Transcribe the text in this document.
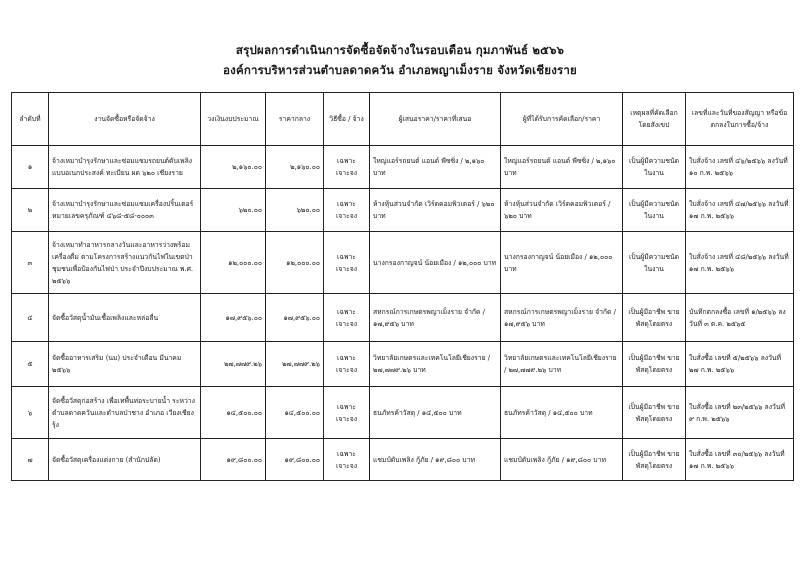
สรุปผลการดำเนินการจัดซื้อจัดจ้างในรอบเดือน กุมภาพันธ์ ๒๕๖๖
องค์การบริหารส่วนตำบลดาดควัน อำเภอพญาเม็งราย จังหวัดเชียงราย
ลำดับที่	งานจัดซื้อหรือจัดจ้าง	วงเงินงบประมาณ	ราคากลาง	วิธีซื้อ / จ้าง	ผู้เสนอราคา/ราคาที่เสนอ	ผู้ที่ได้รับการคัดเลือก/ราคา	เหตุผลที่คัดเลือก โดยสังเขป	เลขที่และวันที่ของสัญญา หรือข้อตกลงในการซื้อ/จ้าง
๑	จ้างเหมาบำรุงรักษาและซ่อมแซมรถยนต์ดับเพลิง แบบอเนกประสงค์ ทะเบียน ผต ๖๒๐ เชียงราย	๒,๑๖๐.๐๐	๒,๑๖๐.๐๐	เฉพาะเจาะจง	ใหญ่แอร์รถยนต์ แอนด์ พีซซิ่ง / ๒,๑๖๐ บาท	ใหญ่แอร์รถยนต์ แอนด์ พีซซิ่ง / ๒,๑๖๐ บาท	เป็นผู้มีความชนัด ในงาน	ใบสั่งจ้าง เลขที่ ๔๖/๒๕๖๖ ลงวันที่ ๑๐ ก.พ. ๒๕๖๖
๒	จ้างเหมาบำรุงรักษาและซ่อมแซมเครื่องปริ้นเตอร์ หมายเลขครุภัณฑ์ ๔๖๘-๕๘-๐๐๐๓	๖๒๐.๐๐	๖๒๐.๐๐	เฉพาะเจาะจง	ห้างหุ้นส่วนจำกัด เวิร์ดคอมพิวเตอร์ / ๖๒๐ บาท	ห้างหุ้นส่วนจำกัด เวิร์ดคอมพิวเตอร์ / ๖๒๐ บาท	เป็นผู้มีความชนัด ในงาน	ใบสั่งจ้าง เลขที่ ๔๗/๒๕๖๖ ลงวันที่ ๑๗ ก.พ. ๒๕๖๖
๓	จ้างเหมาทำอาหารกลางวันและอาหารว่างพร้อม เครื่องดื่ม ตามโครงการสร้างแนวกันไฟในเขตป่า ชุมชนเพื่อป้องกันไฟป่า ประจำปีงบประมาณ พ.ศ. ๒๕๖๖	๑๒,๐๐๐.๐๐	๑๒,๐๐๐.๐๐	เฉพาะเจาะจง	นางกรองกาญจน์ น้อยเมือง / ๑๒,๐๐๐ บาท	นางกรองกาญจน์ น้อยเมือง / ๑๒,๐๐๐ บาท	เป็นผู้มีความชนัด ในงาน	ใบสั่งจ้าง เลขที่ ๔๘/๒๕๖๖ ลงวันที่ ๑๗ ก.พ. ๒๕๖๖
๔	จัดซื้อวัสดุน้ำมันเชื้อเพลิงและหล่อลื่น	๑๗,๙๕๖.๐๐	๑๗,๙๕๖.๐๐	เฉพาะเจาะจง	สหกรณ์การเกษตรพญาเม็งราย จำกัด / ๑๗,๙๕๖ บาท	สหกรณ์การเกษตรพญาเม็งราย จำกัด / ๑๗,๙๕๖ บาท	เป็นผู้มีอาชีพ ขายพัสดุโดยตรง	บันทึกตกลงซื้อ เลขที่ ๑/๒๕๖๖ ลงวันที่ ๓ ต.ค. ๒๕๖๕
๕	จัดซื้ออาหารเสริม (นม) ประจำเดือน มีนาคม ๒๕๖๖	๒๗,๗๗๙.๒๖	๒๗,๗๗๙.๒๖	เฉพาะเจาะจง	วิทยาลัยเกษตรและเทคโนโลยีเชียงราย / ๒๗,๗๗๙.๒๖ บาท	วิทยาลัยเกษตรและเทคโนโลยีเชียงราย / ๒๗,๗๗๙.๒๖ บาท	เป็นผู้มีอาชีพ ขายพัสดุโดยตรง	ใบสั่งซื้อ เลขที่ ๕/๒๕๖๖ ลงวันที่ ๒๗ ก.พ. ๒๕๖๖
๖	จัดซื้อวัสดุก่อสร้าง เพื่อเทพื้นท่อระบายน้ำ ระหว่างตำบลดาดควันและตำบลป่าชาง อำเภอ เวียงเชียงรุ้ง	๑๔,๕๐๐.๐๐	๑๔,๕๐๐.๐๐	เฉพาะเจาะจง	ธนภัทรค้าวัสดุ / ๑๔,๕๐๐ บาท	ธนภัทรค้าวัสดุ / ๑๔,๕๐๐ บาท	เป็นผู้มีอาชีพ ขายพัสดุโดยตรง	ใบสั่งซื้อ เลขที่ ๒๓/๒๕๖๖ ลงวันที่ ๙ ก.พ. ๒๕๖๖
๗	จัดซื้อวัสดุเครื่องแต่งกาย (สำนักปลัด)	๑๙,๘๐๐.๐๐	๑๙,๘๐๐.๐๐	เฉพาะเจาะจง	แชมป์ดับเพลิง กู้ภัย / ๑๙,๘๐๐ บาท	แชมป์ดับเพลิง กู้ภัย / ๑๙,๘๐๐ บาท	เป็นผู้มีอาชีพ ขายพัสดุโดยตรง	ใบสั่งซื้อ เลขที่ ๓๐/๒๕๖๖ ลงวันที่ ๑๗ ก.พ. ๒๕๖๖
